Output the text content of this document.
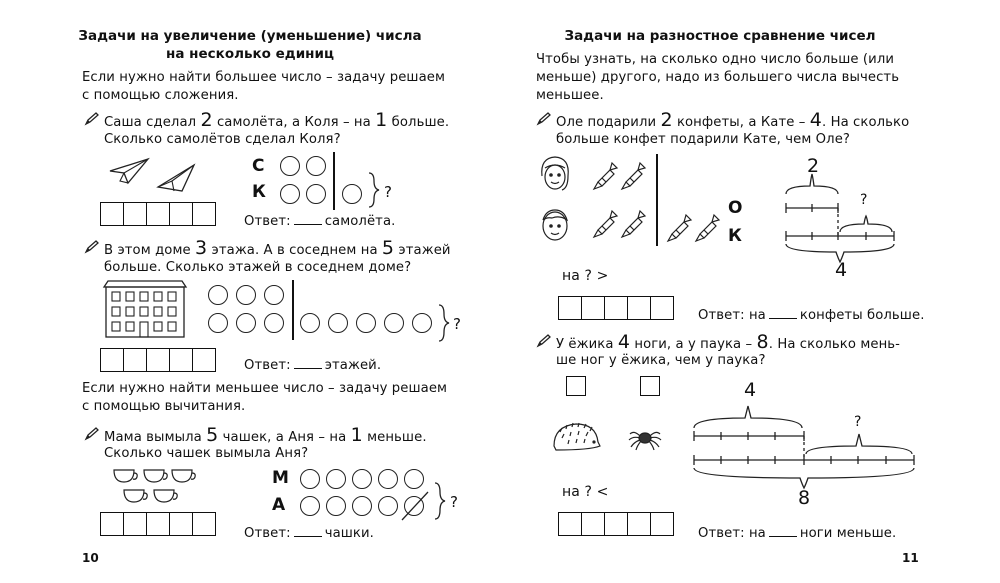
Задачи на увеличение (уменьшение) числа
на несколько единиц
Если нужно найти большее число – задачу решаем
с помощью сложения.
Саша сделал 2 самолёта, а Коля – на 1 больше.
Сколько самолётов сделал Коля?
С
К	?
Ответ:	самолёта.
В этом доме 3 этажа. А в соседнем на 5 этажей
больше. Сколько этажей в соседнем доме?
?
Ответ:	этажей.
Если нужно найти меньшее число – задачу решаем
с помощью вычитания.
Мама вымыла 5 чашек, а Аня – на 1 меньше.
Сколько чашек вымыла Аня?
М
А	?
Ответ:	чашки.
10
Задачи на разностное сравнение чисел
Чтобы узнать, на сколько одно число больше (или
меньше) другого, надо из большего числа вычесть
меньшее.
Оле подарили 2 конфеты, а Кате – 4. На сколько
больше конфет подарили Кате, чем Оле?
О
К
2
?
4
на ? >
Ответ: на	конфеты больше.
У ёжика 4 ноги, а у паука – 8. На сколько мень-
ше ног у ёжика, чем у паука?
4
?
8
на ? <
Ответ: на	ноги меньше.
11
